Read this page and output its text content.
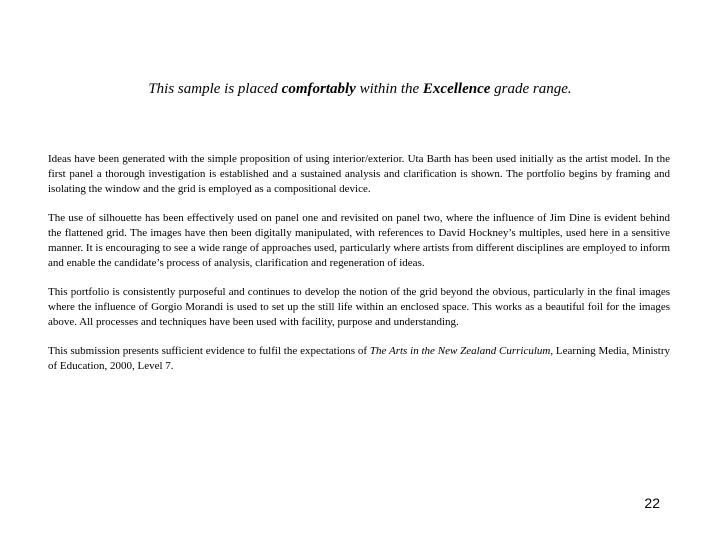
This sample is placed comfortably within the Excellence grade range.

Ideas have been generated with the simple proposition of using interior/exterior. Uta Barth has been used initially as the artist model. In the first panel a thorough investigation is established and a sustained analysis and clarification is shown. The portfolio begins by framing and isolating the window and the grid is employed as a compositional device.

The use of silhouette has been effectively used on panel one and revisited on panel two, where the influence of Jim Dine is evident behind the flattened grid. The images have then been digitally manipulated, with references to David Hockney’s multiples, used here in a sensitive manner. It is encouraging to see a wide range of approaches used, particularly where artists from different disciplines are employed to inform and enable the candidate’s process of analysis, clarification and regeneration of ideas.

This portfolio is consistently purposeful and continues to develop the notion of the grid beyond the obvious, particularly in the final images where the influence of Gorgio Morandi is used to set up the still life within an enclosed space. This works as a beautiful foil for the images above. All processes and techniques have been used with facility, purpose and understanding.

This submission presents sufficient evidence to fulfil the expectations of The Arts in the New Zealand Curriculum, Learning Media, Ministry of Education, 2000, Level 7.

22
